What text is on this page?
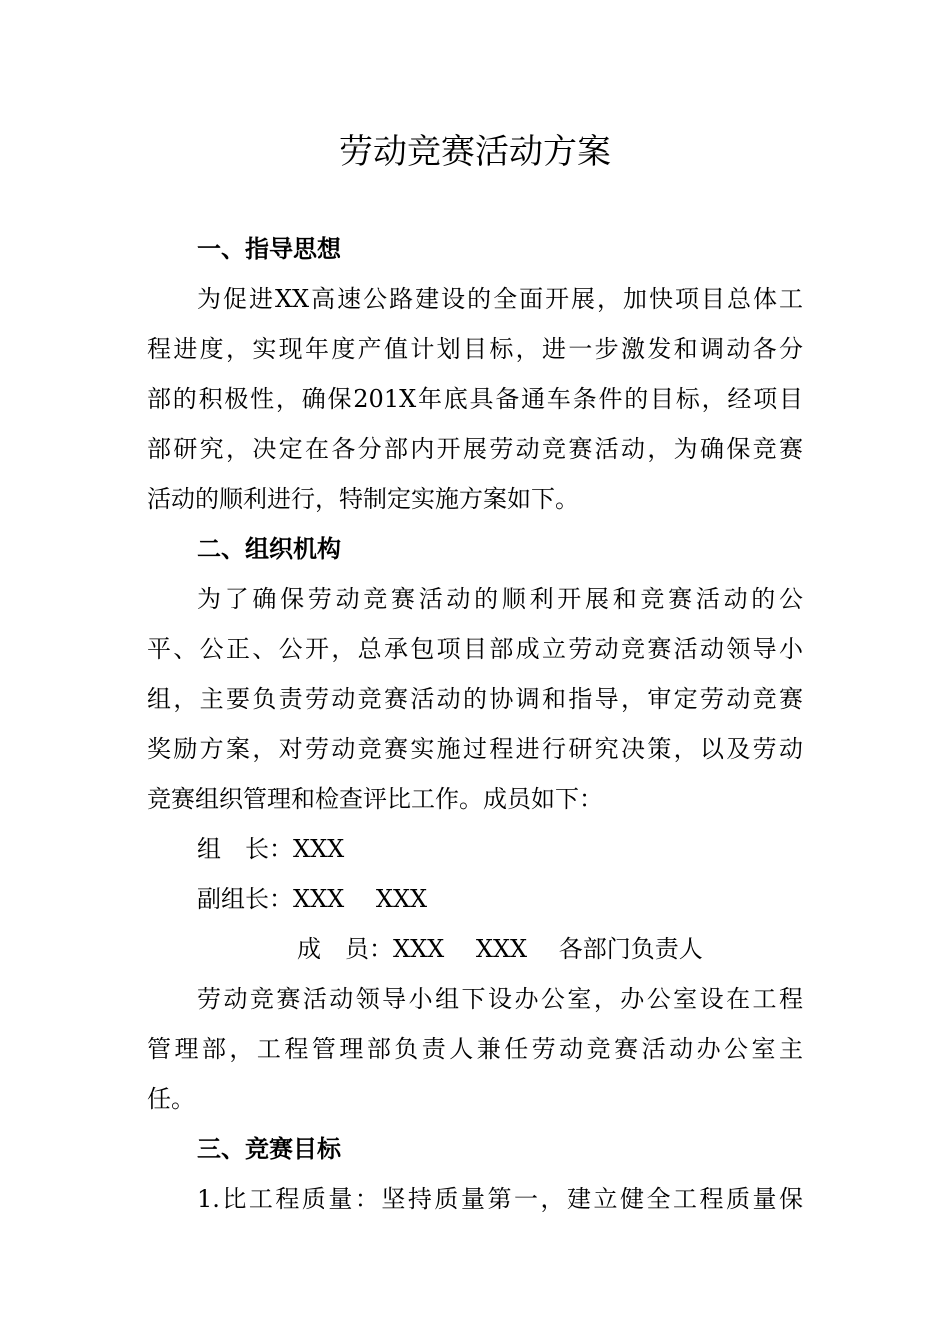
劳动竞赛活动方案
一、指导思想
为促进XX高速公路建设的全面开展，加快项目总体工
程进度，实现年度产值计划目标，进一步激发和调动各分
部的积极性，确保201X年底具备通车条件的目标，经项目
部研究，决定在各分部内开展劳动竞赛活动，为确保竞赛
活动的顺利进行，特制定实施方案如下。
二、组织机构
为了确保劳动竞赛活动的顺利开展和竞赛活动的公
平、公正、公开，总承包项目部成立劳动竞赛活动领导小
组，主要负责劳动竞赛活动的协调和指导，审定劳动竞赛
奖励方案，对劳动竞赛实施过程进行研究决策，以及劳动
竞赛组织管理和检查评比工作。成员如下：
组　长：XXX
副组长：XXX　 XXX
成　员：XXX　 XXX　 各部门负责人
劳动竞赛活动领导小组下设办公室，办公室设在工程
管理部，工程管理部负责人兼任劳动竞赛活动办公室主
任。
三、竞赛目标
1.比工程质量：坚持质量第一，建立健全工程质量保
